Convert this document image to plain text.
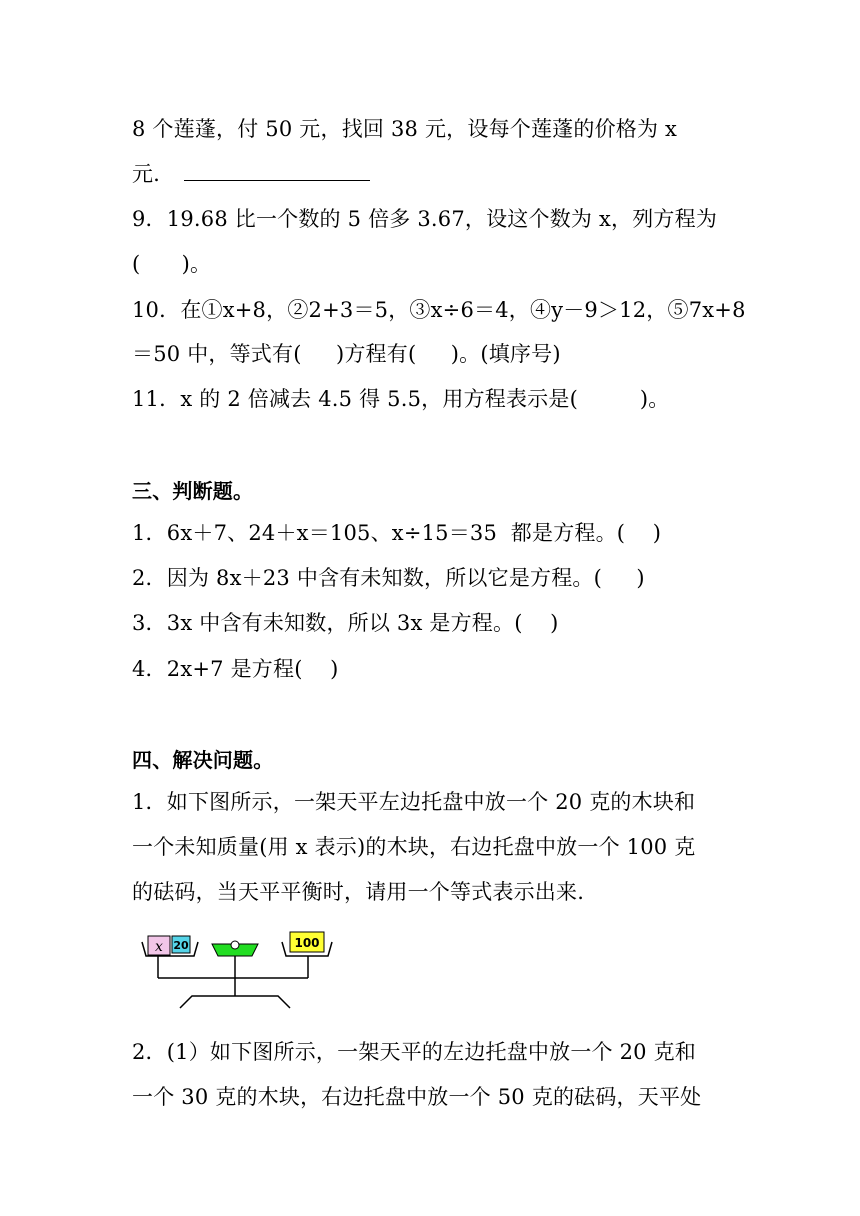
8 个莲蓬，付 50 元，找回 38 元，设每个莲蓬的价格为 x
元．
9．19.68 比一个数的 5 倍多 3.67，设这个数为 x，列方程为
(      )。
10．在①x+8，②2+3＝5，③x÷6＝4，④y－9＞12，⑤7x+8
＝50 中，等式有(     )方程有(     )。(填序号)
11．x 的 2 倍减去 4.5 得 5.5，用方程表示是(         )。
三、判断题。
1．6x＋7、24＋x＝105、x÷15＝35  都是方程。(    )
2．因为 8x＋23 中含有未知数，所以它是方程。(     )
3．3x 中含有未知数，所以 3x 是方程。(    )
4．2x+7 是方程(    )
四、解决问题。
1．如下图所示，一架天平左边托盘中放一个 20 克的木块和
一个未知质量(用 x 表示)的木块，右边托盘中放一个 100 克
的砝码，当天平平衡时，请用一个等式表示出来.
x 20	100
2．(1）如下图所示，一架天平的左边托盘中放一个 20 克和
一个 30 克的木块，右边托盘中放一个 50 克的砝码，天平处
